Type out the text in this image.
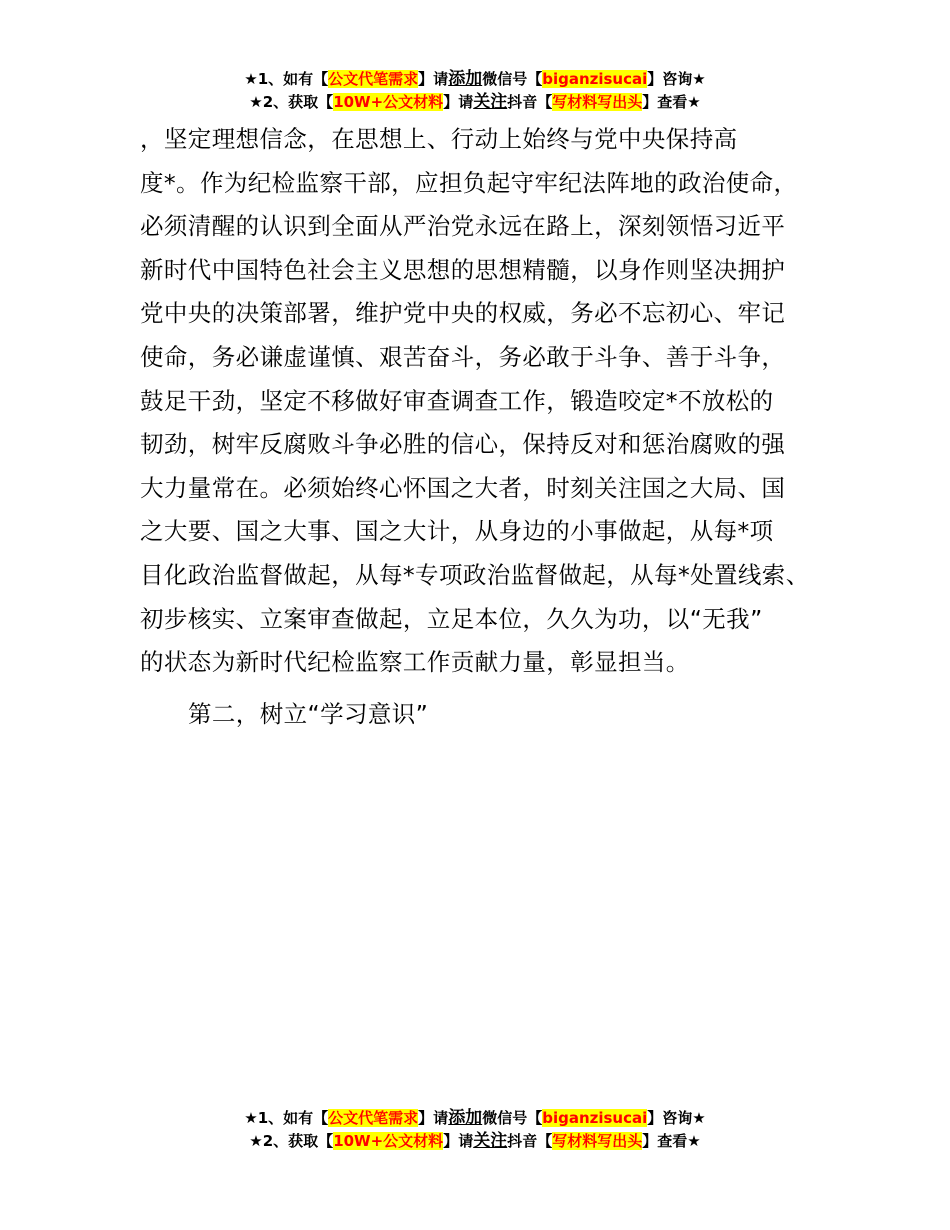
★1、如有【公文代笔需求】请添加微信号【biganzisucai】咨询★
★2、获取【10W+公文材料】请关注抖音【写材料写出头】查看★
，坚定理想信念，在思想上、行动上始终与党中央保持高
度*。作为纪检监察干部，应担负起守牢纪法阵地的政治使命，
必须清醒的认识到全面从严治党永远在路上，深刻领悟习近平
新时代中国特色社会主义思想的思想精髓，以身作则坚决拥护
党中央的决策部署，维护党中央的权威，务必不忘初心、牢记
使命，务必谦虚谨慎、艰苦奋斗，务必敢于斗争、善于斗争，
鼓足干劲，坚定不移做好审查调查工作，锻造咬定*不放松的
韧劲，树牢反腐败斗争必胜的信心，保持反对和惩治腐败的强
大力量常在。必须始终心怀国之大者，时刻关注国之大局、国
之大要、国之大事、国之大计，从身边的小事做起，从每*项
目化政治监督做起，从每*专项政治监督做起，从每*处置线索、
初步核实、立案审查做起，立足本位，久久为功，以“无我”
的状态为新时代纪检监察工作贡献力量，彰显担当。
第二，树立“学习意识”
★1、如有【公文代笔需求】请添加微信号【biganzisucai】咨询★
★2、获取【10W+公文材料】请关注抖音【写材料写出头】查看★
